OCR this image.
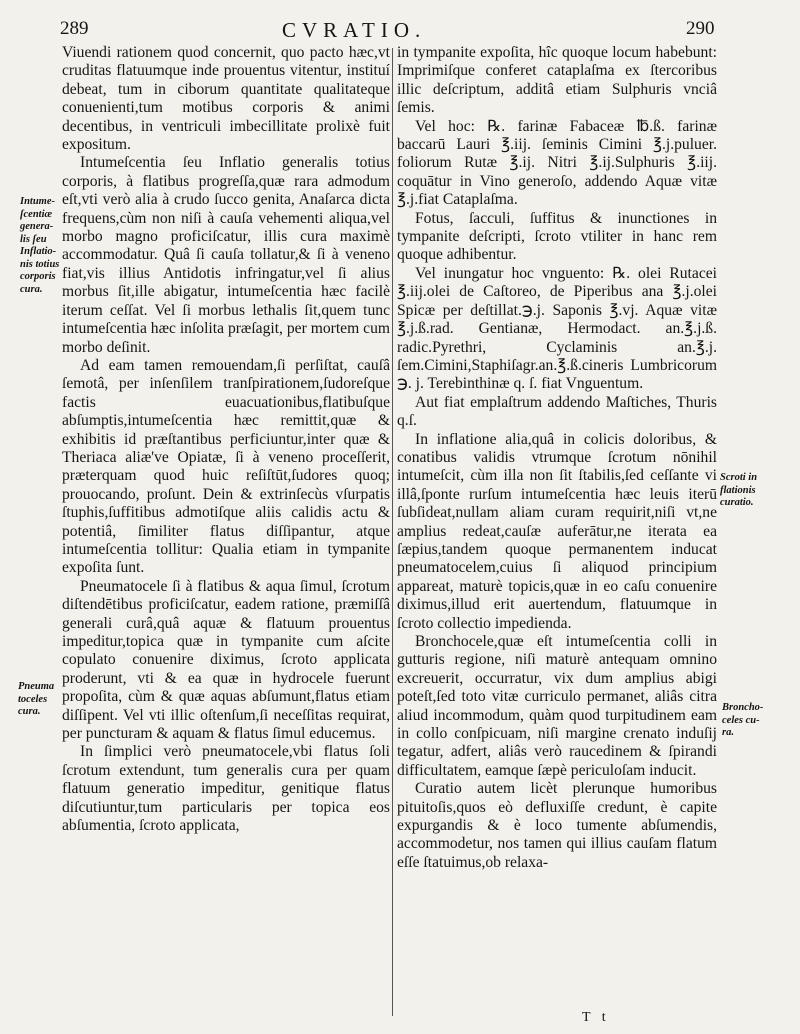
289	CVRATIO.	290

Viuendi rationem quod concernit, quo pacto hæc,vt cruditas flatuumque inde prouentus vitentur, instituí debeat, tum in ciborum quantitate qualitateque conuenienti,tum motibus corporis & animi decentibus, in ventriculi imbecillitate prolixè fuit expositum.

Intumeſcentia ſeu Inflatio generalis totius corporis, à flatibus progreſſa,quæ rara admodum eſt,vti verò alia à crudo ſucco genita, Anaſarca dicta frequens,cùm non niſi à cauſa vehementi aliqua,vel morbo magno proficiſcatur, illis cura maximè accommodatur. Quâ ſi cauſa tollatur,& ſi à veneno fiat,vis illius Antidotis infringatur,vel ſi alius morbus ſit,ille abigatur, intumeſcentia hæc facilè iterum ceſſat. Vel ſi morbus lethalis ſit,quem tunc intumeſcentia hæc inſolita præſagit, per mortem cum morbo deſinit.

Ad eam tamen remouendam,ſi perſiſtat, cauſâ ſemotâ, per inſenſilem tranſpirationem,ſudoreſque factis euacuationibus,flatibuſque abſumptis,intumeſcentia hæc remittit,quæ & exhibitis id præſtantibus perficiuntur,inter quæ & Theriaca aliæ've Opiatæ, ſi à veneno proceſſerit, præterquam quod huic reſiſtūt,ſudores quoq; prouocando, proſunt. Dein & extrinſecùs vſurpatis ſtuphis,ſuffitibus admotiſque aliis calidis actu & potentiâ, ſimiliter flatus diſſipantur, atque intumeſcentia tollitur: Qualia etiam in tympanite expoſita ſunt.

Pneumatocele ſi à flatibus & aqua ſimul, ſcrotum diſtendētibus proficiſcatur, eadem ratione, præmiſſâ generali curâ,quâ aquæ & flatuum prouentus impeditur,topica quæ in tympanite cum aſcite copulato conuenire diximus, ſcroto applicata proderunt, vti & ea quæ in hydrocele fuerunt propoſita, cùm & quæ aquas abſumunt,flatus etiam diſſipent. Vel vti illic oſtenſum,ſi neceſſitas requirat, per puncturam & aquam & flatus ſimul educemus.

In ſimplici verò pneumatocele,vbi flatus ſoli ſcrotum extendunt, tum generalis cura per quam flatuum generatio impeditur, genitique flatus diſcutiuntur,tum particularis per topica eos abſumentia, ſcroto applicata,

in tympanite expoſita, hîc quoque locum habebunt: Imprimiſque conferet cataplaſma ex ſtercoribus illic deſcriptum, additâ etiam Sulphuris vnciâ ſemis.

Vel hoc: ℞. farinæ Fabaceæ ℔.ß. farinæ baccarū Lauri ℥.iij. ſeminis Cimini ℥.j.puluer. foliorum Rutæ ℥.ij. Nitri ℥.ij.Sulphuris ℥.iij. coquātur in Vino generoſo, addendo Aquæ vitæ ℥.j.fiat Cataplaſma.

Fotus, ſacculi, ſuffitus & inunctiones in tympanite deſcripti, ſcroto vtiliter in hanc rem quoque adhibentur.

Vel inungatur hoc vnguento: ℞. olei Rutacei ℥.iij.olei de Caſtoreo, de Piperibus ana ℥.j.olei Spicæ per deſtillat.℈.j. Saponis ℥.vj. Aquæ vitæ ℥.j.ß.rad. Gentianæ, Hermodact. an.℥.j.ß. radic.Pyrethri, Cyclaminis an.℥.j. ſem.Cimini,Staphiſagr.an.℥.ß.cineris Lumbricorum ℈. j. Terebinthinæ q. ſ. fiat Vnguentum.

Aut fiat emplaſtrum addendo Maſtiches, Thuris q.ſ.

In inflatione alia,quâ in colicis doloribus, & conatibus validis vtrumque ſcrotum nōnihil intumeſcit, cùm illa non ſit ſtabilis,ſed ceſſante vi illâ,ſponte rurſum intumeſcentia hæc leuis iterū ſubſideat,nullam aliam curam requirit,niſi vt,ne amplius redeat,cauſæ auferātur,ne iterata ea ſæpius,tandem quoque permanentem inducat pneumatocelem,cuius ſi aliquod principium appareat, maturè topicis,quæ in eo caſu conuenire diximus,illud erit auertendum, flatuumque in ſcroto collectio impedienda.

Bronchocele,quæ eſt intumeſcentia colli in gutturis regione, niſi maturè antequam omnino excreuerit, occurratur, vix dum amplius abigi poteſt,ſed toto vitæ curriculo permanet, aliâs citra aliud incommodum, quàm quod turpitudinem eam in collo conſpicuam, niſi margine crenato induſij tegatur, adfert, aliâs verò raucedinem & ſpirandi difficultatem, eamque ſæpè periculoſam inducit.

Curatio autem licèt plerunque humoribus pituitoſis,quos eò defluxiſſe credunt, è capite expurgandis & è loco tumente abſumendis, accommodetur, nos tamen qui illius cauſam flatum eſſe ſtatuimus,ob relaxa-

Intume-
ſcentiæ
genera-
lis ſeu
Inflatio-
nis totius
corporis
cura.
Pneuma
toceles
cura.
Scroti in
flationis
curatio.
Broncho-
celes cu-
ra.
T t
